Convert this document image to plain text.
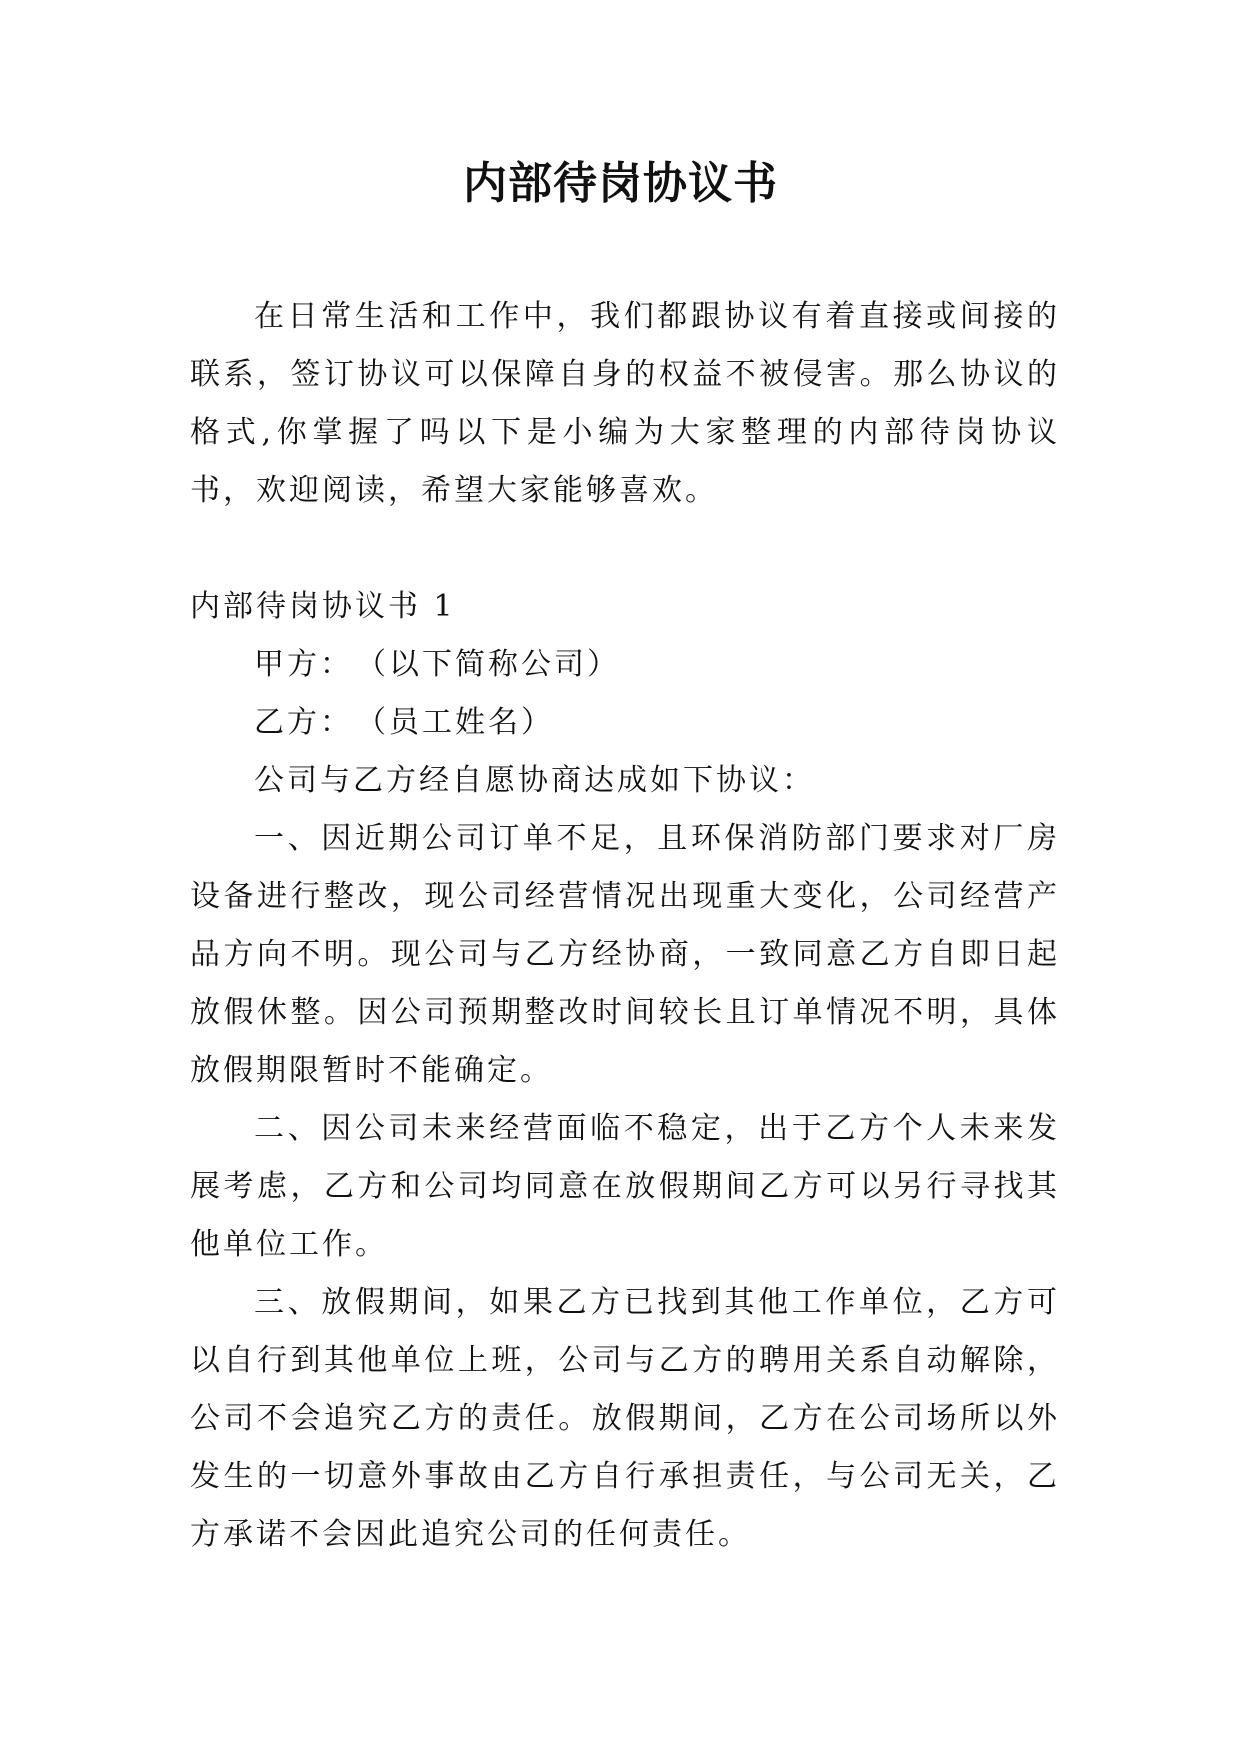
内部待岗协议书

在日常生活和工作中，我们都跟协议有着直接或间接的联系，签订协议可以保障自身的权益不被侵害。那么协议的格式,你掌握了吗以下是小编为大家整理的内部待岗协议书，欢迎阅读，希望大家能够喜欢。

内部待岗协议书 1

甲方：　（以下简称公司）

乙方：　（员工姓名）

公司与乙方经自愿协商达成如下协议：

一、因近期公司订单不足，且环保消防部门要求对厂房设备进行整改，现公司经营情况出现重大变化，公司经营产品方向不明。现公司与乙方经协商，一致同意乙方自即日起放假休整。因公司预期整改时间较长且订单情况不明，具体放假期限暂时不能确定。

二、因公司未来经营面临不稳定，出于乙方个人未来发展考虑，乙方和公司均同意在放假期间乙方可以另行寻找其他单位工作。

三、放假期间，如果乙方已找到其他工作单位，乙方可以自行到其他单位上班，公司与乙方的聘用关系自动解除，公司不会追究乙方的责任。放假期间，乙方在公司场所以外发生的一切意外事故由乙方自行承担责任，与公司无关，乙方承诺不会因此追究公司的任何责任。
